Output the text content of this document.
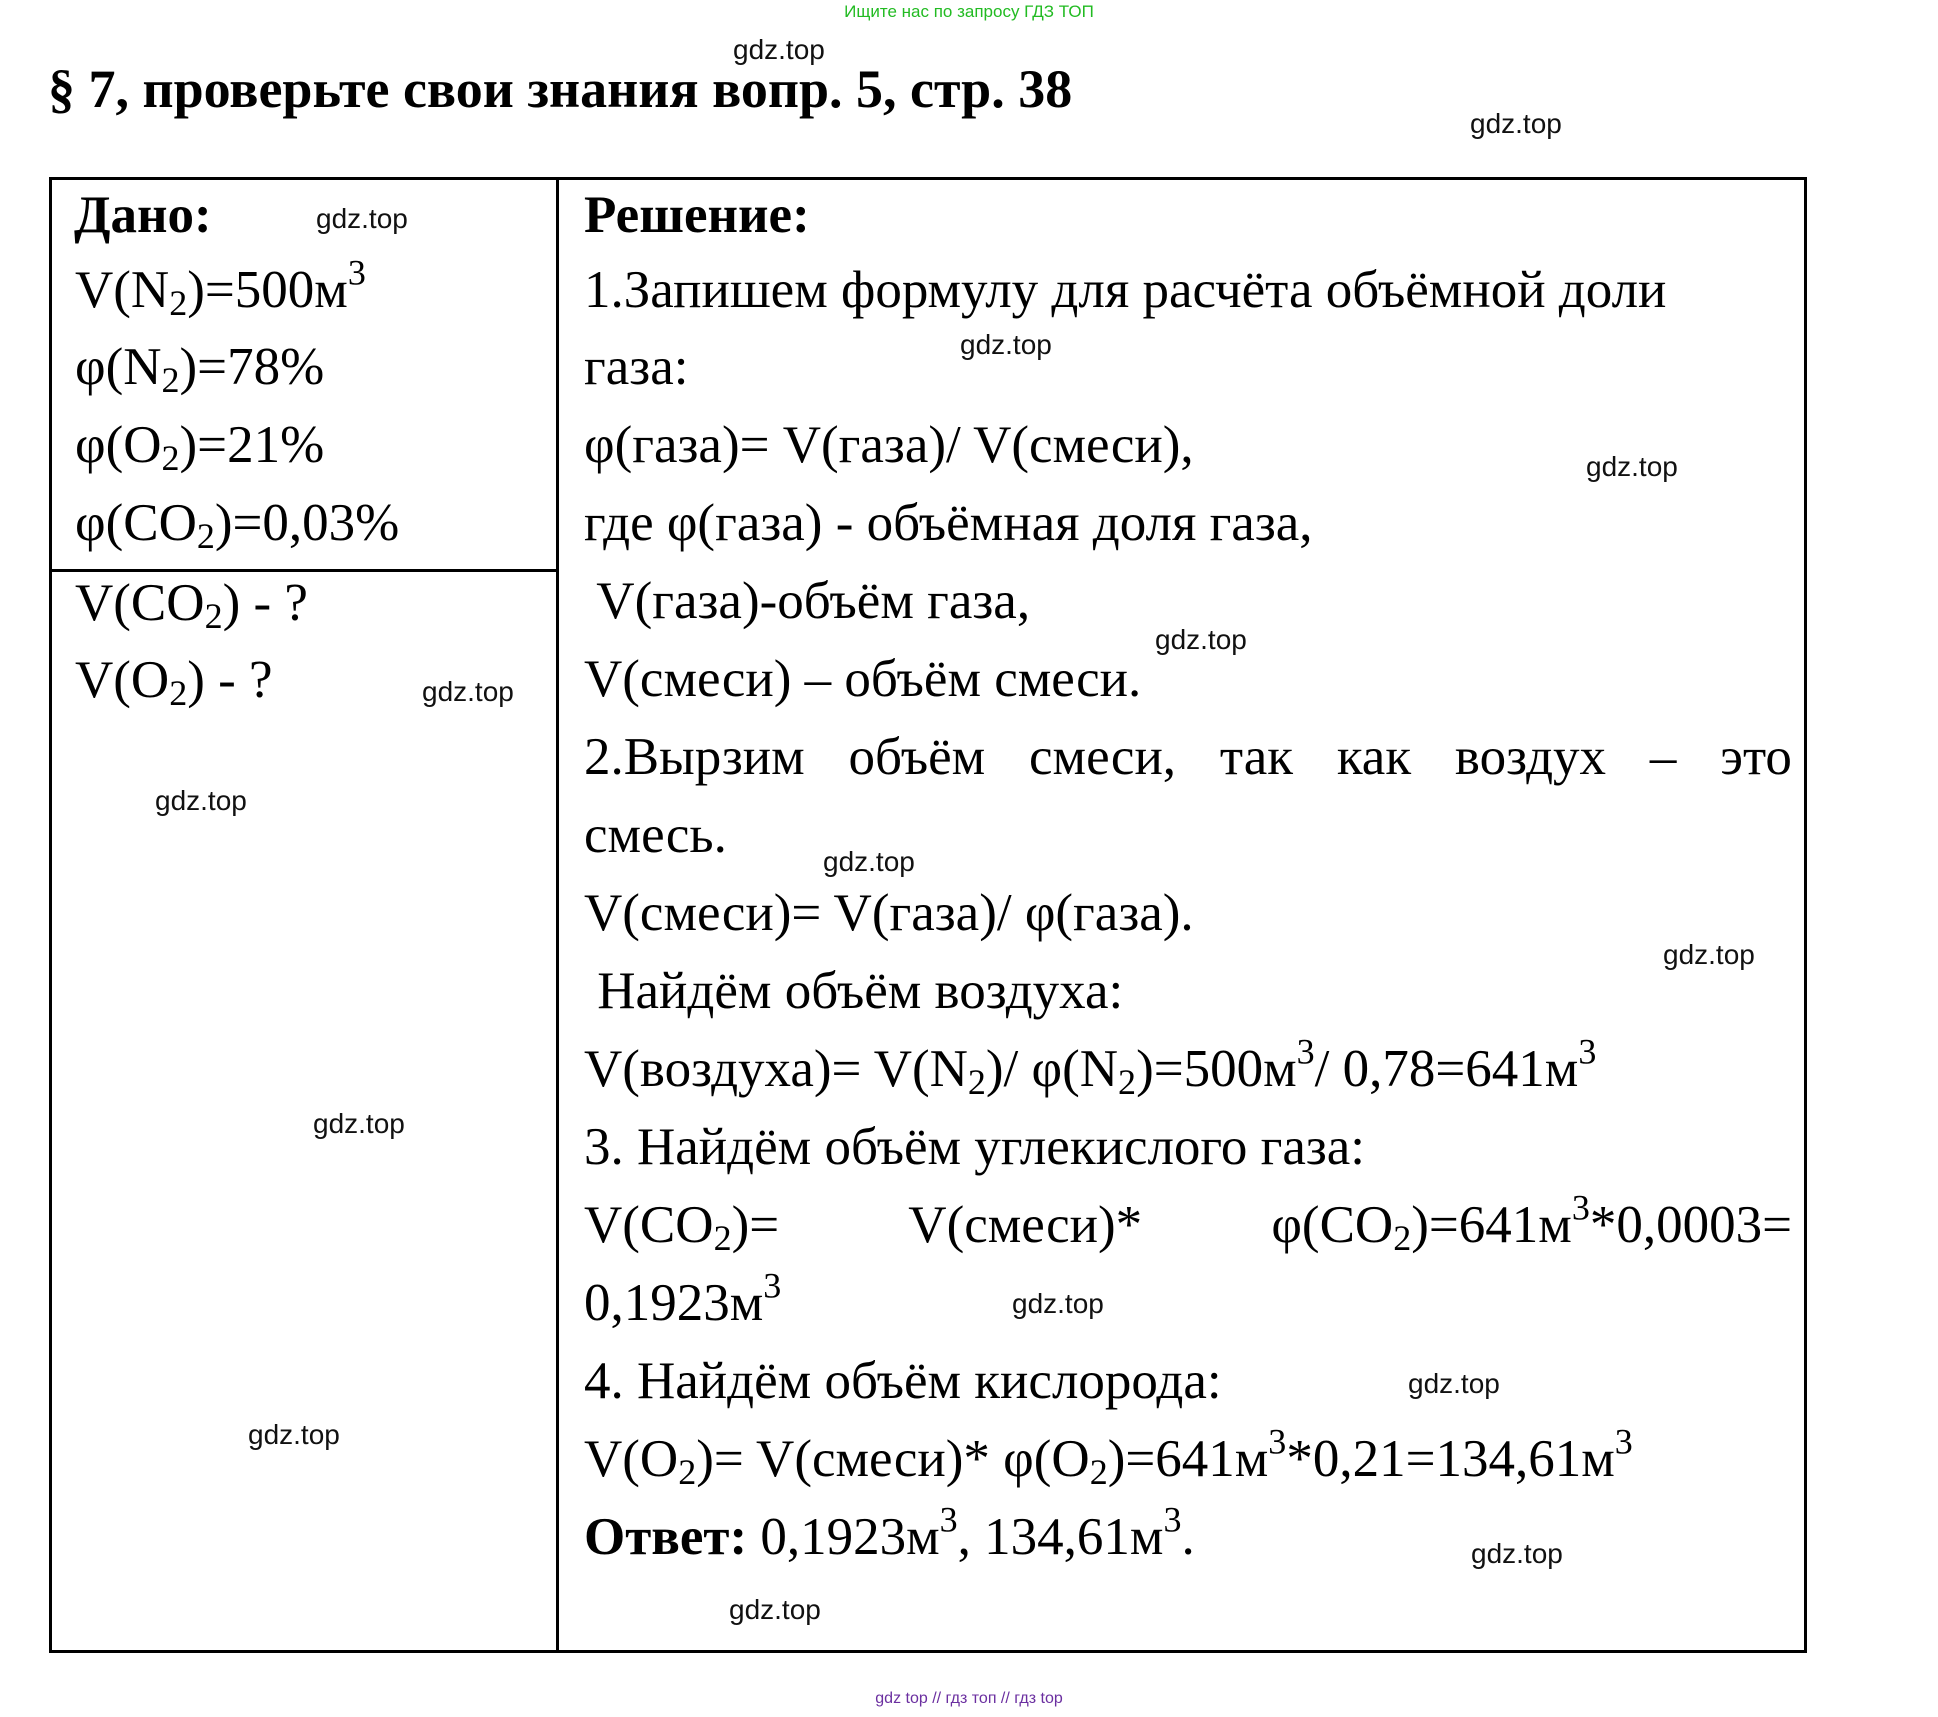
Ищите нас по запросу ГДЗ ТОП
§ 7, проверьте свои знания вопр. 5, стр. 38
Дано:
$V(N_2)=500м^3$
$\varphi(N_2)=78\%$
$\varphi(O_2)=21\%$
$\varphi(CO_2)=0,03\%$
$V(CO_2)$ - ?
$V(O_2)$ - ?
Решение:
1.Запишем формулу для расчёта объёмной доли
газа:
φ(газа)= V(газа)/ V(смеси),
где φ(газа) - объёмная доля газа,
V(газа)-объём газа,
V(смеси) – объём смеси.
2.Вырзим объём смеси, так как воздух – это
смесь.
V(смеси)= V(газа)/ φ(газа).
Найдём объём воздуха:
V(воздуха)= $V(N_2)/$ $\varphi(N_2)=500м^3/$ $0,78=641м^3$
3. Найдём объём углекислого газа:
$V(CO_2)=$ V(смеси)* $\varphi(CO_2)=641м^3*0,0003=$
$0,1923м^3$
4. Найдём объём кислорода:
$V(O_2)=$ V(смеси)* $\varphi(O_2)=641м^3*0,21=134,61м^3$
Ответ: $0,1923м^3$, $134,61м^3$.
gdz.top
gdz.top
gdz.top
gdz.top
gdz.top
gdz.top
gdz.top
gdz.top
gdz.top
gdz.top
gdz.top
gdz.top
gdz.top
gdz.top
gdz.top
gdz.top
gdz top // гдз топ // гдз top
